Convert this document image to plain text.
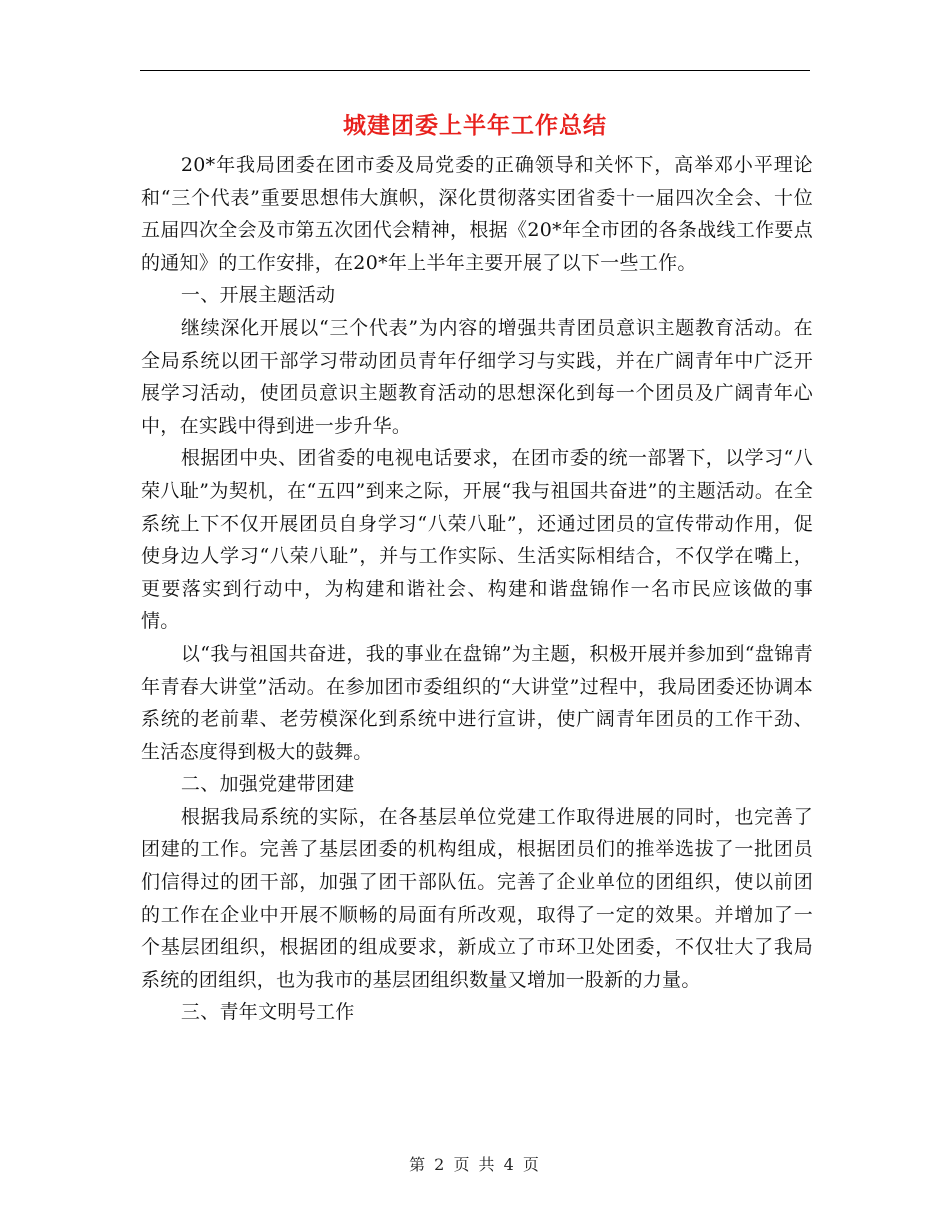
城建团委上半年工作总结

20*年我局团委在团市委及局党委的正确领导和关怀下，高举邓小平理论和“三个代表”重要思想伟大旗帜，深化贯彻落实团省委十一届四次全会、十位五届四次全会及市第五次团代会精神，根据《20*年全市团的各条战线工作要点的通知》的工作安排，在20*年上半年主要开展了以下一些工作。

一、开展主题活动

继续深化开展以“三个代表”为内容的增强共青团员意识主题教育活动。在全局系统以团干部学习带动团员青年仔细学习与实践，并在广阔青年中广泛开展学习活动，使团员意识主题教育活动的思想深化到每一个团员及广阔青年心中，在实践中得到进一步升华。

根据团中央、团省委的电视电话要求，在团市委的统一部署下，以学习“八荣八耻”为契机，在“五四”到来之际，开展“我与祖国共奋进”的主题活动。在全系统上下不仅开展团员自身学习“八荣八耻”，还通过团员的宣传带动作用，促使身边人学习“八荣八耻”，并与工作实际、生活实际相结合，不仅学在嘴上，更要落实到行动中，为构建和谐社会、构建和谐盘锦作一名市民应该做的事情。

以“我与祖国共奋进，我的事业在盘锦”为主题，积极开展并参加到“盘锦青年青春大讲堂”活动。在参加团市委组织的“大讲堂”过程中，我局团委还协调本系统的老前辈、老劳模深化到系统中进行宣讲，使广阔青年团员的工作干劲、生活态度得到极大的鼓舞。

二、加强党建带团建

根据我局系统的实际，在各基层单位党建工作取得进展的同时，也完善了团建的工作。完善了基层团委的机构组成，根据团员们的推举选拔了一批团员们信得过的团干部，加强了团干部队伍。完善了企业单位的团组织，使以前团的工作在企业中开展不顺畅的局面有所改观，取得了一定的效果。并增加了一个基层团组织，根据团的组成要求，新成立了市环卫处团委，不仅壮大了我局系统的团组织，也为我市的基层团组织数量又增加一股新的力量。

三、青年文明号工作

第 2 页 共 4 页
